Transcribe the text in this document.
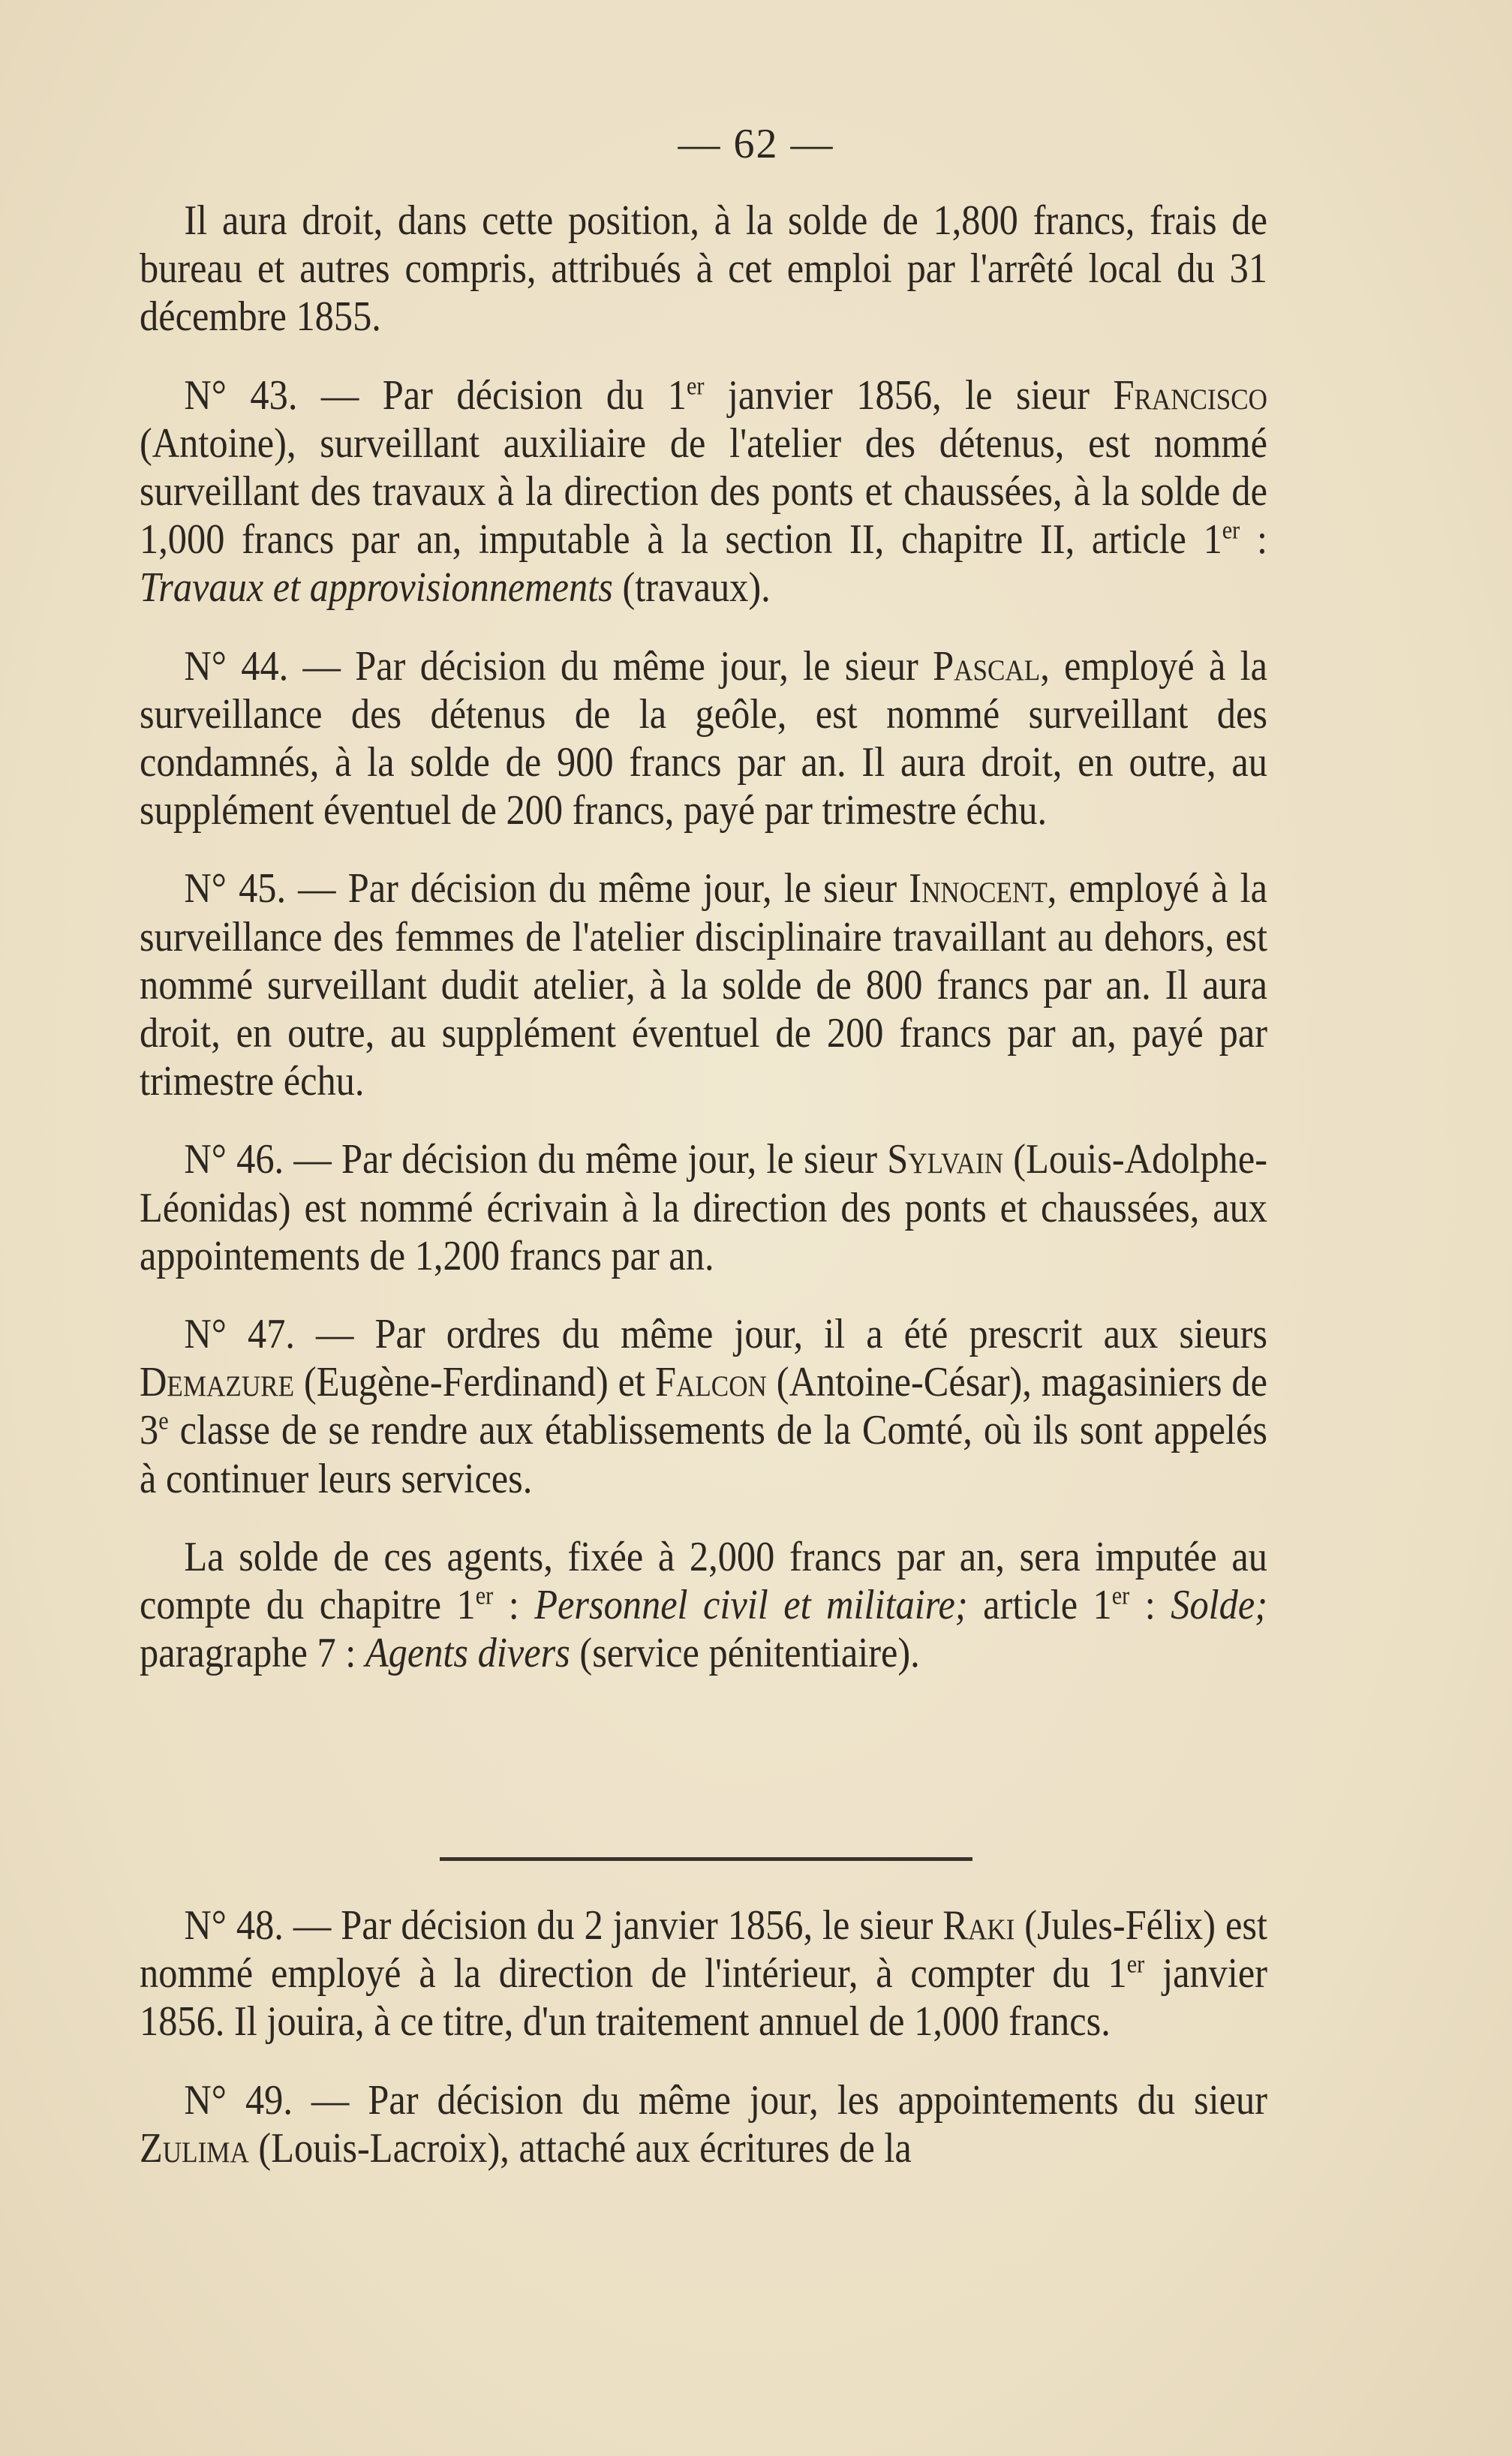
— 62 —

Il aura droit, dans cette position, à la solde de 1,800 francs, frais de bureau et autres compris, attribués à cet emploi par l'arrêté local du 31 décembre 1855.

N° 43. — Par décision du 1er janvier 1856, le sieur Francisco (Antoine), surveillant auxiliaire de l'atelier des détenus, est nommé surveillant des travaux à la direction des ponts et chaussées, à la solde de 1,000 francs par an, imputable à la section II, chapitre II, article 1er : Travaux et approvisionnements (travaux).

N° 44. — Par décision du même jour, le sieur Pascal, employé à la surveillance des détenus de la geôle, est nommé surveillant des condamnés, à la solde de 900 francs par an. Il aura droit, en outre, au supplément éventuel de 200 francs, payé par trimestre échu.

N° 45. — Par décision du même jour, le sieur Innocent, employé à la surveillance des femmes de l'atelier disciplinaire travaillant au dehors, est nommé surveillant dudit atelier, à la solde de 800 francs par an. Il aura droit, en outre, au supplément éventuel de 200 francs par an, payé par trimestre échu.

N° 46. — Par décision du même jour, le sieur Sylvain (Louis-Adolphe-Léonidas) est nommé écrivain à la direction des ponts et chaussées, aux appointements de 1,200 francs par an.

N° 47. — Par ordres du même jour, il a été prescrit aux sieurs Demazure (Eugène-Ferdinand) et Falcon (Antoine-César), magasiniers de 3e classe de se rendre aux établissements de la Comté, où ils sont appelés à continuer leurs services.

La solde de ces agents, fixée à 2,000 francs par an, sera imputée au compte du chapitre 1er : Personnel civil et militaire; article 1er : Solde; paragraphe 7 : Agents divers (service pénitentiaire).

N° 48. — Par décision du 2 janvier 1856, le sieur Raki (Jules-Félix) est nommé employé à la direction de l'intérieur, à compter du 1er janvier 1856. Il jouira, à ce titre, d'un traitement annuel de 1,000 francs.

N° 49. — Par décision du même jour, les appointements du sieur Zulima (Louis-Lacroix), attaché aux écritures de la
